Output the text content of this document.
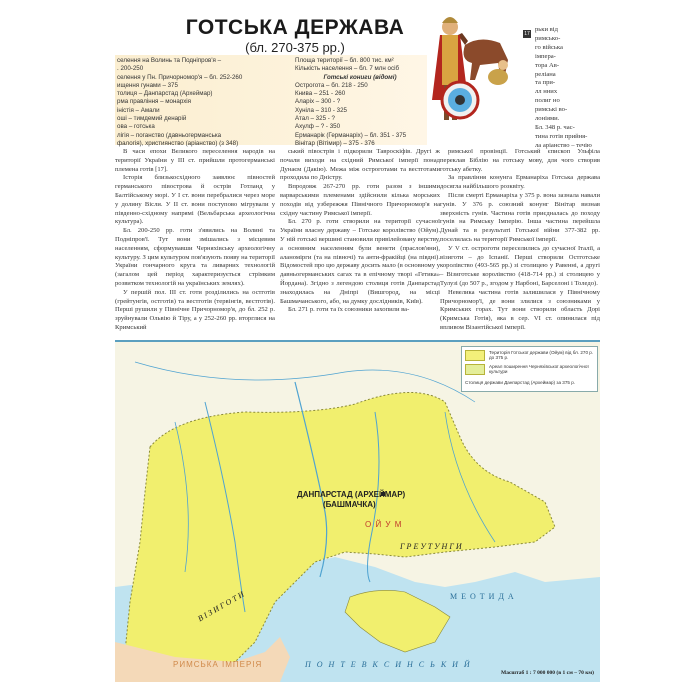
ГОТСЬКА ДЕРЖАВА
(бл. 270-375 рр.)
селення на Волинь та Подніпров'я –
. 200-250
селення у Пн. Причорномор'я – бл. 252-260
ищення гунами – 375
толиця – Данпарстад (Археймар)
рма правління – монархія
іністія – Амали
оші – тимдемий денарій
ова – готська
лігія – поганство (давньогерманська
фалогія), християнство (аріанство) (з 348)
Площа території – бл. 800 тис. км²
Кількість населення – бл. 7 млн осіб
Готські кониги (відомі)
Остроготa – бл. 218 - 250
Книва – 251 - 260
Аларіх – 300 - ?
Хуніла – 310 - 325
Атал – 325 - ?
Ахулф – ? - 350
Ерманарік (Германаріх) – бл. 351 - 375
Вінітар (Вітімир) – 375 - 376
17
рьки від
римсько-
го війська
імпера-
тора Ав-
реліана
та при-
лл нних
полиг но
римські во-
лоніями.
Бл. 348 р. час-
тина готів прийня-
ла аріанство – течію

В часи епохи Великого переселення народів на території України у ІІІ ст. прийшли протогерманські племена готів [17].

Історія близькосхідного заявлює півностей германського півострова й острів Готланд у Балтійському морі. У І ст. вони перебралися через море у долину Вісли. У ІІ ст. вони поступово мігрували у південно-східному напрямі (Вельбарська археологічна культура).

Бл. 200-250 рр. готи з'явились на Волині та Подніпров'ї. Тут вони змішались з місцевим населенням, сформувавши Черняхівську археологічну культуру. З цим культуром пов'язують появу на території України гончарного круга та ливарних технологій (загалом цей період характеризується стрімким розвитком технологій на українських землях).

У першій пол. ІІІ ст. готи розділились на остготів (грейтунгів, остготів) та вестготів (тервінгів, вестготів). Перші рушили у Північне Причорномор'я, до бл. 252 р. зруйнували Ольвію й Тіру, а у 252-260 рр. вторглися на Кримський

ський півострів і підкорили Тавроскіфів. Другі ж почали виходи на східний Римської імперії понад Дунаєм (Дакію). Межа між остроготами та вестготами проходила по Дністру.

Впродовж 267-270 рр. готи разом з іншими варварськими племенами здійснили кілька морських походів від узбережжя Північного Причорномор'я на східну частину Римської імперії.

Бл. 270 р. готи створили на території сучасної України власну державу – Готське королівство (Ойум). У ній готські вершині становили привілейовану верству, а основним населенням були венети (праслов'яни), аланомірги (та на півночі) та анти-фракійці (на півдні). Відомостей про цю державу досить мало (в основному у давньогерманських сагах та в епічному творі «Гетика» Йордана). Згідно з легендою столиця готів Данпарстад знаходилась на Дніпрі (Вишгород, на місці Башмачанського, або, на думку дослідників, Київ).

Бл. 271 р. готи та їх союзники захопили ва-

римської провінції. Готський єпископ Ульфіла переклав Біблію на готську мову, для чого створив готську абетку.

За правління конунга Ерманаріха Готська держава досягла найбільшого розквіту.

Після смерті Ерманаріха у 375 р. вона зазнала навали гунів. У 376 р. союзний конунг Вінітар визнав зверхність гунів. Частина готів приєдналась до походу гунів на Римську Імперію. Інша частина перейшла Дунай та в результаті Готської війни 377-382 рр. поселилась на території Римської імперії.

У V ст. остроготи переселились до сучасної Італії, а візиготи – до Іспанії. Перші створили Остготське королівство (493-565 рр.) зі столицею у Равенні, а другі – Візиготське королівство (418-714 рр.) зі столицею у Тулузі (до 507 р., згодом у Нарбоні, Барселоні і Толедо).

Невелика частина готів залишилася у Північному Причорномор'ї, де вони злилися з союзниками у Кримських горах. Тут вони створили область Дорі (Кримська Готія), яка в сер. VI ст. опинилася під впливом Візантійської імперії.

Територія Готської держави (Ойум) від бл. 270 р. до 375 р.
Ареал поширення Черняхівської археологічної культури
Столиця держави Данпарстад (Археймар) за 375 р.
ДАНПАРСТАД (АРХЕЙМАР)
(БАШМАЧКА)
О Й У М
Г Р Е У Т У Н Г И
В І З И Г О Т И	М Е О Т И Д А
П О Н Т Е В К С И Н С Ь К И Й
РИМСЬКА ІМПЕРІЯ
Масштаб 1 : 7 000 000 (в 1 см – 70 км)
